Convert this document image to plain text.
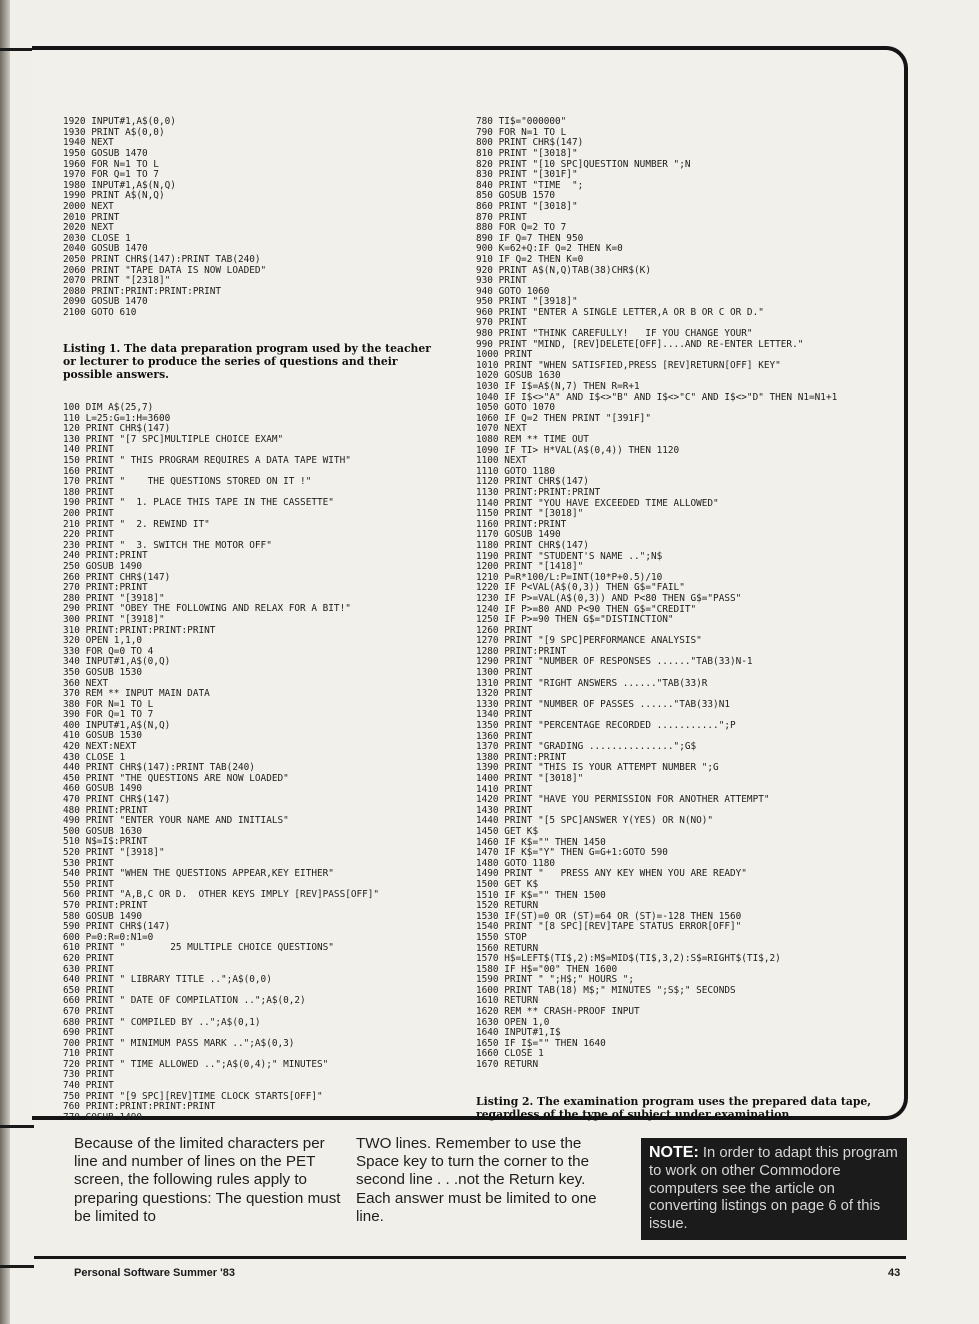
1920 INPUT#1,A$(0,0)
1930 PRINT A$(0,0)
1940 NEXT
1950 GOSUB 1470
1960 FOR N=1 TO L
1970 FOR Q=1 TO 7
1980 INPUT#1,A$(N,Q)
1990 PRINT A$(N,Q)
2000 NEXT
2010 PRINT
2020 NEXT
2030 CLOSE 1
2040 GOSUB 1470
2050 PRINT CHR$(147):PRINT TAB(240)
2060 PRINT "TAPE DATA IS NOW LOADED"
2070 PRINT "[2318]"
2080 PRINT:PRINT:PRINT:PRINT
2090 GOSUB 1470
2100 GOTO 610

Listing 1. The data preparation program used by the teacher or lecturer to produce the series of questions and their possible answers.

100 DIM A$(25,7)
110 L=25:G=1:H=3600
120 PRINT CHR$(147)
130 PRINT "[7 SPC]MULTIPLE CHOICE EXAM"
140 PRINT
150 PRINT " THIS PROGRAM REQUIRES A DATA TAPE WITH"
160 PRINT
170 PRINT "    THE QUESTIONS STORED ON IT !"
180 PRINT
190 PRINT "  1. PLACE THIS TAPE IN THE CASSETTE"
200 PRINT
210 PRINT "  2. REWIND IT"
220 PRINT
230 PRINT "  3. SWITCH THE MOTOR OFF"
240 PRINT:PRINT
250 GOSUB 1490
260 PRINT CHR$(147)
270 PRINT:PRINT
280 PRINT "[3918]"
290 PRINT "OBEY THE FOLLOWING AND RELAX FOR A BIT!"
300 PRINT "[3918]"
310 PRINT:PRINT:PRINT:PRINT
320 OPEN 1,1,0
330 FOR Q=0 TO 4
340 INPUT#1,A$(0,Q)
350 GOSUB 1530
360 NEXT
370 REM ** INPUT MAIN DATA
380 FOR N=1 TO L
390 FOR Q=1 TO 7
400 INPUT#1,A$(N,Q)
410 GOSUB 1530
420 NEXT:NEXT
430 CLOSE 1
440 PRINT CHR$(147):PRINT TAB(240)
450 PRINT "THE QUESTIONS ARE NOW LOADED"
460 GOSUB 1490
470 PRINT CHR$(147)
480 PRINT:PRINT
490 PRINT "ENTER YOUR NAME AND INITIALS"
500 GOSUB 1630
510 N$=I$:PRINT
520 PRINT "[3918]"
530 PRINT
540 PRINT "WHEN THE QUESTIONS APPEAR,KEY EITHER"
550 PRINT
560 PRINT "A,B,C OR D.  OTHER KEYS IMPLY [REV]PASS[OFF]"
570 PRINT:PRINT
580 GOSUB 1490
590 PRINT CHR$(147)
600 P=0:R=0:N1=0
610 PRINT "        25 MULTIPLE CHOICE QUESTIONS"
620 PRINT
630 PRINT
640 PRINT " LIBRARY TITLE ..";A$(0,0)
650 PRINT
660 PRINT " DATE OF COMPILATION ..";A$(0,2)
670 PRINT
680 PRINT " COMPILED BY ..";A$(0,1)
690 PRINT
700 PRINT " MINIMUM PASS MARK ..";A$(0,3)
710 PRINT
720 PRINT " TIME ALLOWED ..";A$(0,4);" MINUTES"
730 PRINT
740 PRINT
750 PRINT "[9 SPC][REV]TIME CLOCK STARTS[OFF]"
760 PRINT:PRINT:PRINT:PRINT
770 GOSUB 1490

780 TI$="000000"
790 FOR N=1 TO L
800 PRINT CHR$(147)
810 PRINT "[3018]"
820 PRINT "[10 SPC]QUESTION NUMBER ";N
830 PRINT "[301F]"
840 PRINT "TIME  ";
850 GOSUB 1570
860 PRINT "[3018]"
870 PRINT
880 FOR Q=2 TO 7
890 IF Q=7 THEN 950
900 K=62+Q:IF Q=2 THEN K=0
910 IF Q=2 THEN K=0
920 PRINT A$(N,Q)TAB(38)CHR$(K)
930 PRINT
940 GOTO 1060
950 PRINT "[3918]"
960 PRINT "ENTER A SINGLE LETTER,A OR B OR C OR D."
970 PRINT
980 PRINT "THINK CAREFULLY!   IF YOU CHANGE YOUR"
990 PRINT "MIND, [REV]DELETE[OFF]....AND RE-ENTER LETTER."
1000 PRINT
1010 PRINT "WHEN SATISFIED,PRESS [REV]RETURN[OFF] KEY"
1020 GOSUB 1630
1030 IF I$=A$(N,7) THEN R=R+1
1040 IF I$<>"A" AND I$<>"B" AND I$<>"C" AND I$<>"D" THEN N1=N1+1
1050 GOTO 1070
1060 IF Q=2 THEN PRINT "[391F]"
1070 NEXT
1080 REM ** TIME OUT
1090 IF TI> H*VAL(A$(0,4)) THEN 1120
1100 NEXT
1110 GOTO 1180
1120 PRINT CHR$(147)
1130 PRINT:PRINT:PRINT
1140 PRINT "YOU HAVE EXCEEDED TIME ALLOWED"
1150 PRINT "[3018]"
1160 PRINT:PRINT
1170 GOSUB 1490
1180 PRINT CHR$(147)
1190 PRINT "STUDENT'S NAME ..";N$
1200 PRINT "[1418]"
1210 P=R*100/L:P=INT(10*P+0.5)/10
1220 IF P<VAL(A$(0,3)) THEN G$="FAIL"
1230 IF P>=VAL(A$(0,3)) AND P<80 THEN G$="PASS"
1240 IF P>=80 AND P<90 THEN G$="CREDIT"
1250 IF P>=90 THEN G$="DISTINCTION"
1260 PRINT
1270 PRINT "[9 SPC]PERFORMANCE ANALYSIS"
1280 PRINT:PRINT
1290 PRINT "NUMBER OF RESPONSES ......"TAB(33)N-1
1300 PRINT
1310 PRINT "RIGHT ANSWERS ......"TAB(33)R
1320 PRINT
1330 PRINT "NUMBER OF PASSES ......"TAB(33)N1
1340 PRINT
1350 PRINT "PERCENTAGE RECORDED ...........";P
1360 PRINT
1370 PRINT "GRADING ...............";G$
1380 PRINT:PRINT
1390 PRINT "THIS IS YOUR ATTEMPT NUMBER ";G
1400 PRINT "[3018]"
1410 PRINT
1420 PRINT "HAVE YOU PERMISSION FOR ANOTHER ATTEMPT"
1430 PRINT
1440 PRINT "[5 SPC]ANSWER Y(YES) OR N(NO)"
1450 GET K$
1460 IF K$="" THEN 1450
1470 IF K$="Y" THEN G=G+1:GOTO 590
1480 GOTO 1180
1490 PRINT "   PRESS ANY KEY WHEN YOU ARE READY"
1500 GET K$
1510 IF K$="" THEN 1500
1520 RETURN
1530 IF(ST)=0 OR (ST)=64 OR (ST)=-128 THEN 1560
1540 PRINT "[8 SPC][REV]TAPE STATUS ERROR[OFF]"
1550 STOP
1560 RETURN
1570 H$=LEFT$(TI$,2):M$=MID$(TI$,3,2):S$=RIGHT$(TI$,2)
1580 IF H$="00" THEN 1600
1590 PRINT " ";H$;" HOURS ";
1600 PRINT TAB(18) M$;" MINUTES ";S$;" SECONDS
1610 RETURN
1620 REM ** CRASH-PROOF INPUT
1630 OPEN 1,0
1640 INPUT#1,I$
1650 IF I$="" THEN 1640
1660 CLOSE 1
1670 RETURN

Listing 2. The examination program uses the prepared data tape, regardless of the type of subject under examination.

Because of the limited characters per line and number of lines on the PET screen, the following rules apply to preparing questions: The question must be limited to

TWO lines. Remember to use the Space key to turn the corner to the second line . . .not the Return key. Each answer must be limited to one line.

NOTE: In order to adapt this program to work on other Commodore computers see the article on converting listings on page 6 of this issue.
Personal Software Summer '83	43
